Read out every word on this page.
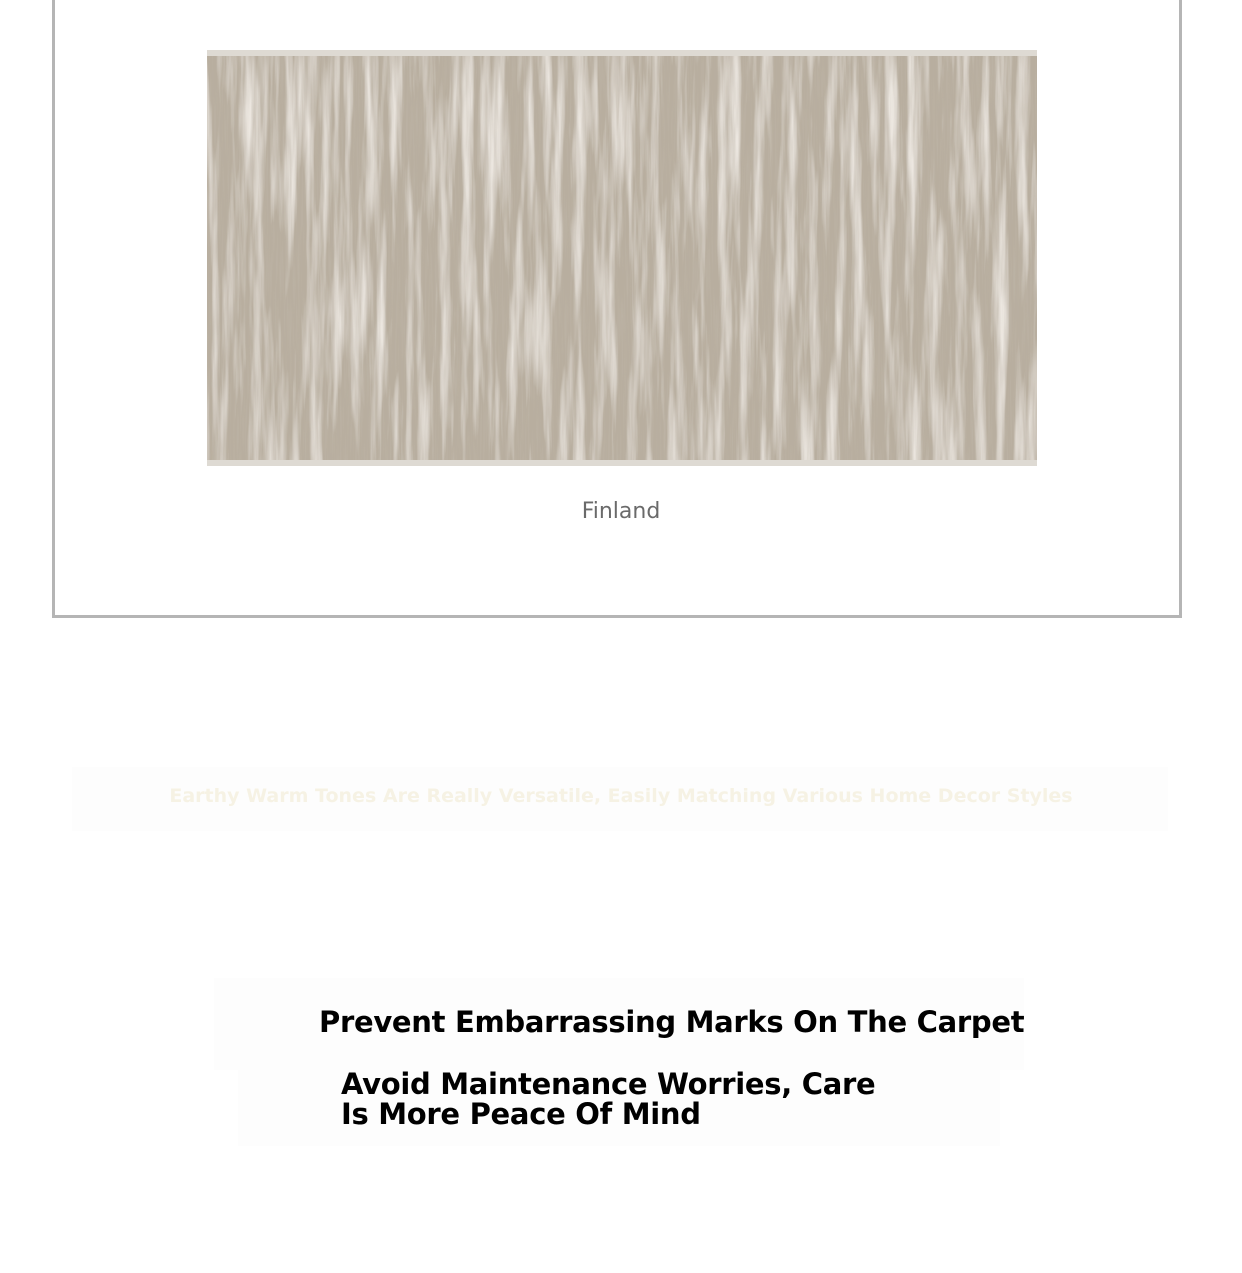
Finland
Earthy Warm Tones Are Really Versatile, Easily Matching Various Home Decor Styles
Prevent Embarrassing Marks On The Carpet
Avoid Maintenance Worries, Care Is More Peace Of Mind
